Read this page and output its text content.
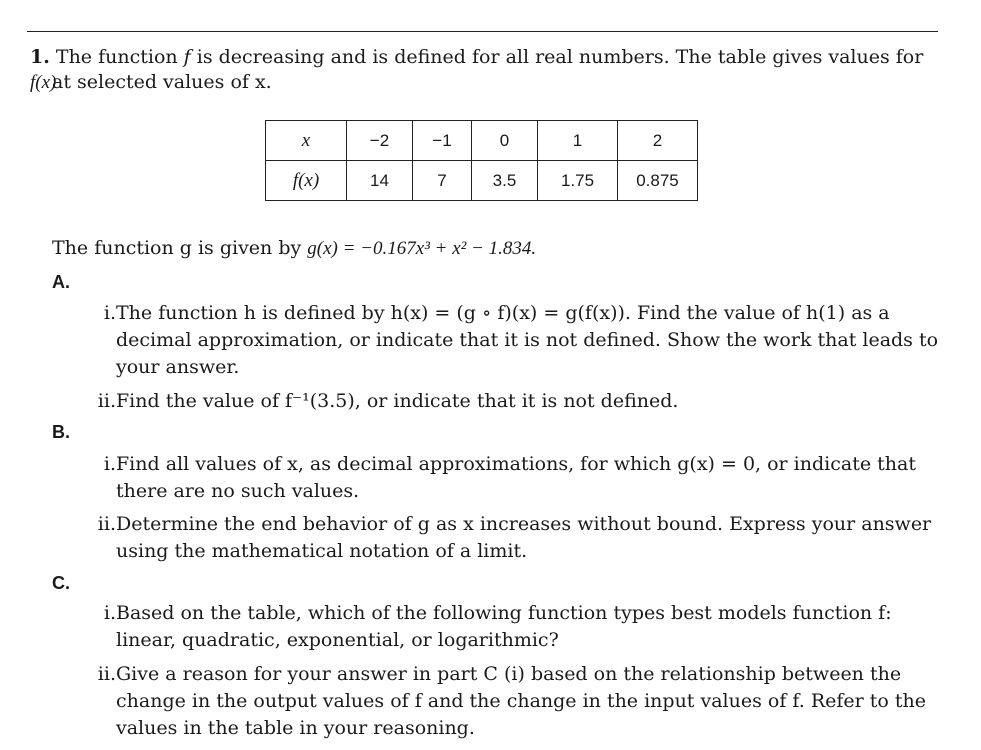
1. The function f is decreasing and is defined for all real numbers. The table gives values for f(x)
at selected values of x.
x	−2	−1	0	1	2
f(x)	14	7	3.5	1.75	0.875
The function g is given by g(x) = −0.167x³ + x² − 1.834.
A.
i. The function h is defined by h(x) = (g ∘ f)(x) = g(f(x)). Find the value of h(1) as a decimal approximation, or indicate that it is not defined. Show the work that leads to your answer.
ii. Find the value of f⁻¹(3.5), or indicate that it is not defined.
B.
i. Find all values of x, as decimal approximations, for which g(x) = 0, or indicate that there are no such values.
ii. Determine the end behavior of g as x increases without bound. Express your answer using the mathematical notation of a limit.
C.
i. Based on the table, which of the following function types best models function f: linear, quadratic, exponential, or logarithmic?
ii. Give a reason for your answer in part C (i) based on the relationship between the change in the output values of f and the change in the input values of f. Refer to the values in the table in your reasoning.
